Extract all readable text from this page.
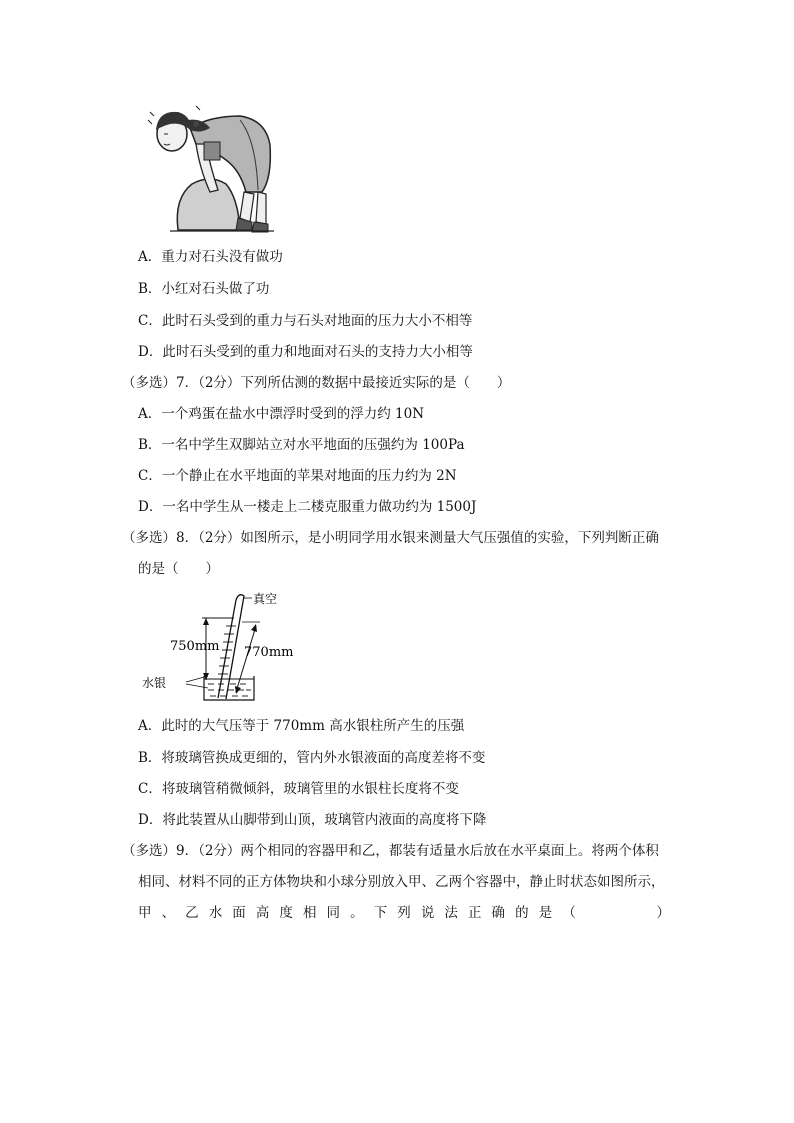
A．重力对石头没有做功
B．小红对石头做了功
C．此时石头受到的重力与石头对地面的压力大小不相等
D．此时石头受到的重力和地面对石头的支持力大小相等
（多选）7．（2分）下列所估测的数据中最接近实际的是（　　）
A．一个鸡蛋在盐水中漂浮时受到的浮力约 10N
B．一名中学生双脚站立对水平地面的压强约为 100Pa
C．一个静止在水平地面的苹果对地面的压力约为 2N
D．一名中学生从一楼走上二楼克服重力做功约为 1500J
（多选）8．（2分）如图所示，是小明同学用水银来测量大气压强值的实验，下列判断正确
的是（　　）
真空
750mm 770mm
水银
A．此时的大气压等于 770mm 高水银柱所产生的压强
B．将玻璃管换成更细的，管内外水银液面的高度差将不变
C．将玻璃管稍微倾斜，玻璃管里的水银柱长度将不变
D．将此装置从山脚带到山顶，玻璃管内液面的高度将下降
（多选）9．（2分）两个相同的容器甲和乙，都装有适量水后放在水平桌面上。将两个体积
相同、材料不同的正方体物块和小球分别放入甲、乙两个容器中，静止时状态如图所示，
甲、乙水面高度相同。下列说法正确的是（　　　）
